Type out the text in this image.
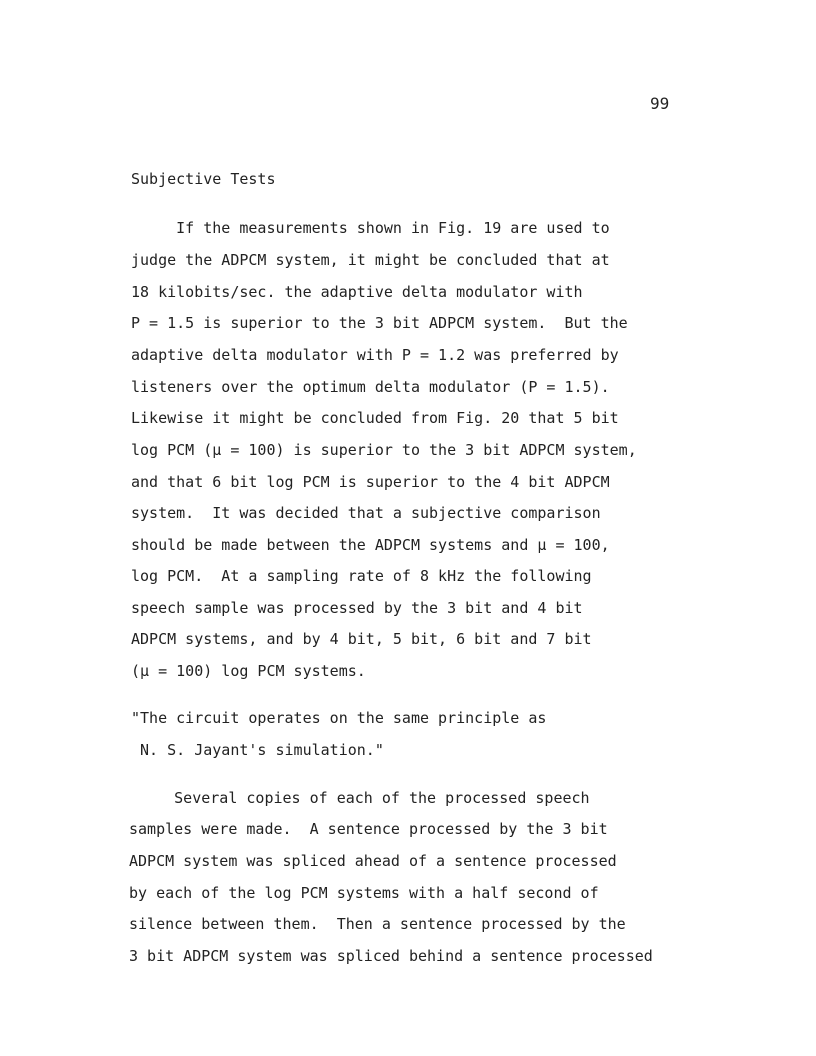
99
Subjective Tests
If the measurements shown in Fig. 19 are used to
judge the ADPCM system, it might be concluded that at
18 kilobits/sec. the adaptive delta modulator with
P = 1.5 is superior to the 3 bit ADPCM system.  But the
adaptive delta modulator with P = 1.2 was preferred by
listeners over the optimum delta modulator (P = 1.5).
Likewise it might be concluded from Fig. 20 that 5 bit
log PCM (μ = 100) is superior to the 3 bit ADPCM system,
and that 6 bit log PCM is superior to the 4 bit ADPCM
system.  It was decided that a subjective comparison
should be made between the ADPCM systems and μ = 100,
log PCM.  At a sampling rate of 8 kHz the following
speech sample was processed by the 3 bit and 4 bit
ADPCM systems, and by 4 bit, 5 bit, 6 bit and 7 bit
(μ = 100) log PCM systems.
"The circuit operates on the same principle as
N. S. Jayant's simulation."
Several copies of each of the processed speech
samples were made.  A sentence processed by the 3 bit
ADPCM system was spliced ahead of a sentence processed
by each of the log PCM systems with a half second of
silence between them.  Then a sentence processed by the
3 bit ADPCM system was spliced behind a sentence processed
